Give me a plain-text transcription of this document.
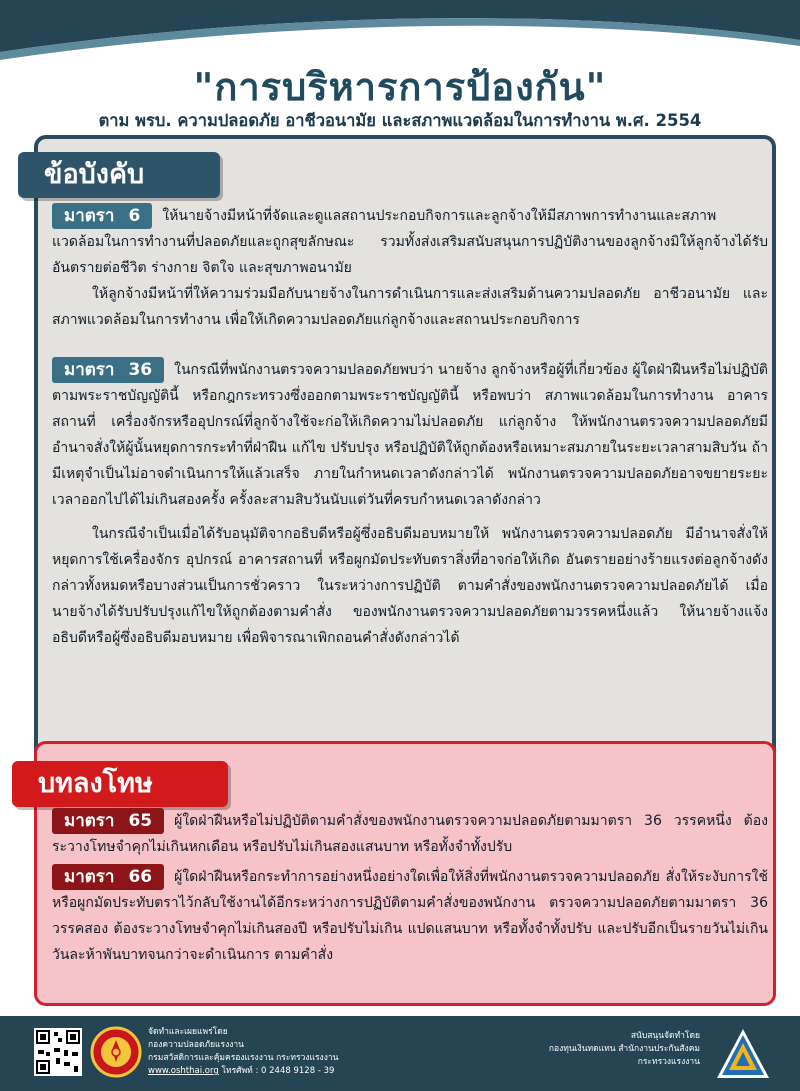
"การบริหารการป้องกัน"
ตาม พรบ. ความปลอดภัย อาชีวอนามัย และสภาพแวดล้อมในการทำงาน พ.ศ. 2554
ข้อบังคับ

มาตรา 6 ให้นายจ้างมีหน้าที่จัดและดูแลสถานประกอบกิจการและลูกจ้างให้มีสภาพการทำงานและสภาพแวดล้อมในการทำงานที่ปลอดภัยและถูกสุขลักษณะ รวมทั้งส่งเสริมสนับสนุนการปฏิบัติงานของลูกจ้างมิให้ลูกจ้างได้รับอันตรายต่อชีวิต ร่างกาย จิตใจ และสุขภาพอนามัย

ให้ลูกจ้างมีหน้าที่ให้ความร่วมมือกับนายจ้างในการดำเนินการและส่งเสริมด้านความปลอดภัย อาชีวอนามัย และสภาพแวดล้อมในการทำงาน เพื่อให้เกิดความปลอดภัยแก่ลูกจ้างและสถานประกอบกิจการ

มาตรา 36 ในกรณีที่พนักงานตรวจความปลอดภัยพบว่า นายจ้าง ลูกจ้างหรือผู้ที่เกี่ยวข้อง ผู้ใดฝ่าฝืนหรือไม่ปฏิบัติตามพระราชบัญญัตินี้ หรือกฎกระทรวงซึ่งออกตามพระราชบัญญัตินี้ หรือพบว่า สภาพแวดล้อมในการทำงาน อาคาร สถานที่ เครื่องจักรหรืออุปกรณ์ที่ลูกจ้างใช้จะก่อให้เกิดความไม่ปลอดภัย แก่ลูกจ้าง ให้พนักงานตรวจความปลอดภัยมีอำนาจสั่งให้ผู้นั้นหยุดการกระทำที่ฝ่าฝืน แก้ไข ปรับปรุง หรือปฏิบัติให้ถูกต้องหรือเหมาะสมภายในระยะเวลาสามสิบวัน ถ้ามีเหตุจำเป็นไม่อาจดำเนินการให้แล้วเสร็จ ภายในกำหนดเวลาดังกล่าวได้ พนักงานตรวจความปลอดภัยอาจขยายระยะเวลาออกไปได้ไม่เกินสองครั้ง ครั้งละสามสิบวันนับแต่วันที่ครบกำหนดเวลาดังกล่าว

ในกรณีจำเป็นเมื่อได้รับอนุมัติจากอธิบดีหรือผู้ซึ่งอธิบดีมอบหมายให้ พนักงานตรวจความปลอดภัย มีอำนาจสั่งให้หยุดการใช้เครื่องจักร อุปกรณ์ อาคารสถานที่ หรือผูกมัดประทับตราสิ่งที่อาจก่อให้เกิด อันตรายอย่างร้ายแรงต่อลูกจ้างดังกล่าวทั้งหมดหรือบางส่วนเป็นการชั่วคราว ในระหว่างการปฏิบัติ ตามคำสั่งของพนักงานตรวจความปลอดภัยได้ เมื่อนายจ้างได้รับปรับปรุงแก้ไขให้ถูกต้องตามคำสั่ง ของพนักงานตรวจความปลอดภัยตามวรรคหนึ่งแล้ว ให้นายจ้างแจ้งอธิบดีหรือผู้ซึ่งอธิบดีมอบหมาย เพื่อพิจารณาเพิกถอนคำสั่งดังกล่าวได้

บทลงโทษ

มาตรา 65 ผู้ใดฝ่าฝืนหรือไม่ปฏิบัติตามคำสั่งของพนักงานตรวจความปลอดภัยตามมาตรา 36 วรรคหนึ่ง ต้องระวางโทษจำคุกไม่เกินหกเดือน หรือปรับไม่เกินสองแสนบาท หรือทั้งจำทั้งปรับ

มาตรา 66 ผู้ใดฝ่าฝืนหรือกระทำการอย่างหนึ่งอย่างใดเพื่อให้สิ่งที่พนักงานตรวจความปลอดภัย สั่งให้ระงับการใช้หรือผูกมัดประทับตราไว้กลับใช้งานได้อีกระหว่างการปฏิบัติตามคำสั่งของพนักงาน ตรวจความปลอดภัยตามมาตรา 36 วรรคสอง ต้องระวางโทษจำคุกไม่เกินสองปี หรือปรับไม่เกิน แปดแสนบาท หรือทั้งจำทั้งปรับ และปรับอีกเป็นรายวันไม่เกินวันละห้าพันบาทจนกว่าจะดำเนินการ ตามคำสั่ง

จัดทำและเผยแพร่โดย
กองความปลอดภัยแรงงาน
กรมสวัสดิการและคุ้มครองแรงงาน กระทรวงแรงงาน
www.oshthai.org โทรศัพท์ : 0 2448 9128 - 39
สนับสนุนจัดทำโดย
กองทุนเงินทดแทน สำนักงานประกันสังคม
กระทรวงแรงงาน
